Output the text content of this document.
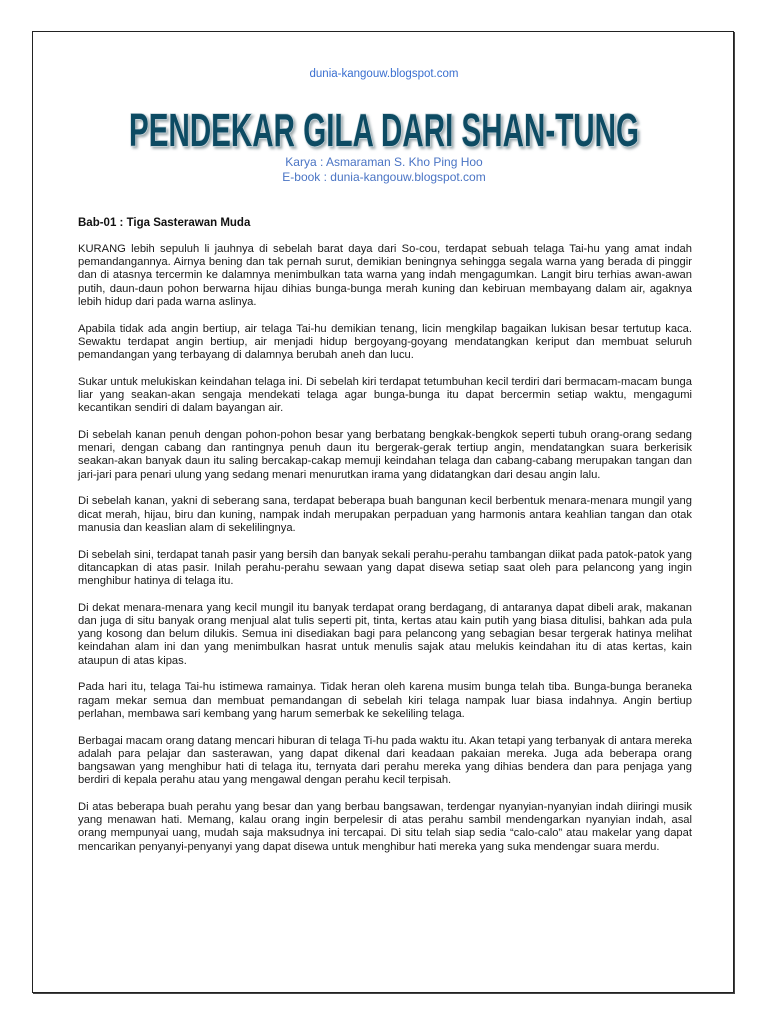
dunia-kangouw.blogspot.com
PENDEKAR GILA DARI SHAN-TUNG
Karya : Asmaraman S. Kho Ping Hoo
E-book : dunia-kangouw.blogspot.com
Bab-01 : Tiga Sasterawan Muda

KURANG lebih sepuluh li jauhnya di sebelah barat daya dari So-cou, terdapat sebuah telaga Tai-hu yang amat indah pemandangannya. Airnya bening dan tak pernah surut, demikian beningnya sehingga segala warna yang berada di pinggir dan di atasnya tercermin ke dalamnya menimbulkan tata warna yang indah mengagumkan. Langit biru terhias awan-awan putih, daun-daun pohon berwarna hijau dihias bunga-bunga merah kuning dan kebiruan membayang dalam air, agaknya lebih hidup dari pada warna aslinya.

Apabila tidak ada angin bertiup, air telaga Tai-hu demikian tenang, licin mengkilap bagaikan lukisan besar tertutup kaca. Sewaktu terdapat angin bertiup, air menjadi hidup bergoyang-goyang mendatangkan keriput dan membuat seluruh pemandangan yang terbayang di dalamnya berubah aneh dan lucu.

Sukar untuk melukiskan keindahan telaga ini. Di sebelah kiri terdapat tetumbuhan kecil terdiri dari bermacam-macam bunga liar yang seakan-akan sengaja mendekati telaga agar bunga-bunga itu dapat bercermin setiap waktu, mengagumi kecantikan sendiri di dalam bayangan air.

Di sebelah kanan penuh dengan pohon-pohon besar yang berbatang bengkak-bengkok seperti tubuh orang-orang sedang menari, dengan cabang dan rantingnya penuh daun itu bergerak-gerak tertiup angin, mendatangkan suara berkerisik seakan-akan banyak daun itu saling bercakap-cakap memuji keindahan telaga dan cabang-cabang merupakan tangan dan jari-jari para penari ulung yang sedang menari menurutkan irama yang didatangkan dari desau angin lalu.

Di sebelah kanan, yakni di seberang sana, terdapat beberapa buah bangunan kecil berbentuk menara-menara mungil yang dicat merah, hijau, biru dan kuning, nampak indah merupakan perpaduan yang harmonis antara keahlian tangan dan otak manusia dan keaslian alam di sekelilingnya.

Di sebelah sini, terdapat tanah pasir yang bersih dan banyak sekali perahu-perahu tambangan diikat pada patok-patok yang ditancapkan di atas pasir. Inilah perahu-perahu sewaan yang dapat disewa setiap saat oleh para pelancong yang ingin menghibur hatinya di telaga itu.

Di dekat menara-menara yang kecil mungil itu banyak terdapat orang berdagang, di antaranya dapat dibeli arak, makanan dan juga di situ banyak orang menjual alat tulis seperti pit, tinta, kertas atau kain putih yang biasa ditulisi, bahkan ada pula yang kosong dan belum dilukis. Semua ini disediakan bagi para pelancong yang sebagian besar tergerak hatinya melihat keindahan alam ini dan yang menimbulkan hasrat untuk menulis sajak atau melukis keindahan itu di atas kertas, kain ataupun di atas kipas.

Pada hari itu, telaga Tai-hu istimewa ramainya. Tidak heran oleh karena musim bunga telah tiba. Bunga-bunga beraneka ragam mekar semua dan membuat pemandangan di sebelah kiri telaga nampak luar biasa indahnya. Angin bertiup perlahan, membawa sari kembang yang harum semerbak ke sekeliling telaga.

Berbagai macam orang datang mencari hiburan di telaga Ti-hu pada waktu itu. Akan tetapi yang terbanyak di antara mereka adalah para pelajar dan sasterawan, yang dapat dikenal dari keadaan pakaian mereka. Juga ada beberapa orang bangsawan yang menghibur hati di telaga itu, ternyata dari perahu mereka yang dihias bendera dan para penjaga yang berdiri di kepala perahu atau yang mengawal dengan perahu kecil terpisah.

Di atas beberapa buah perahu yang besar dan yang berbau bangsawan, terdengar nyanyian-nyanyian indah diiringi musik yang menawan hati. Memang, kalau orang ingin berpelesir di atas perahu sambil mendengarkan nyanyian indah, asal orang mempunyai uang, mudah saja maksudnya ini tercapai. Di situ telah siap sedia “calo-calo” atau makelar yang dapat mencarikan penyanyi-penyanyi yang dapat disewa untuk menghibur hati mereka yang suka mendengar suara merdu.
